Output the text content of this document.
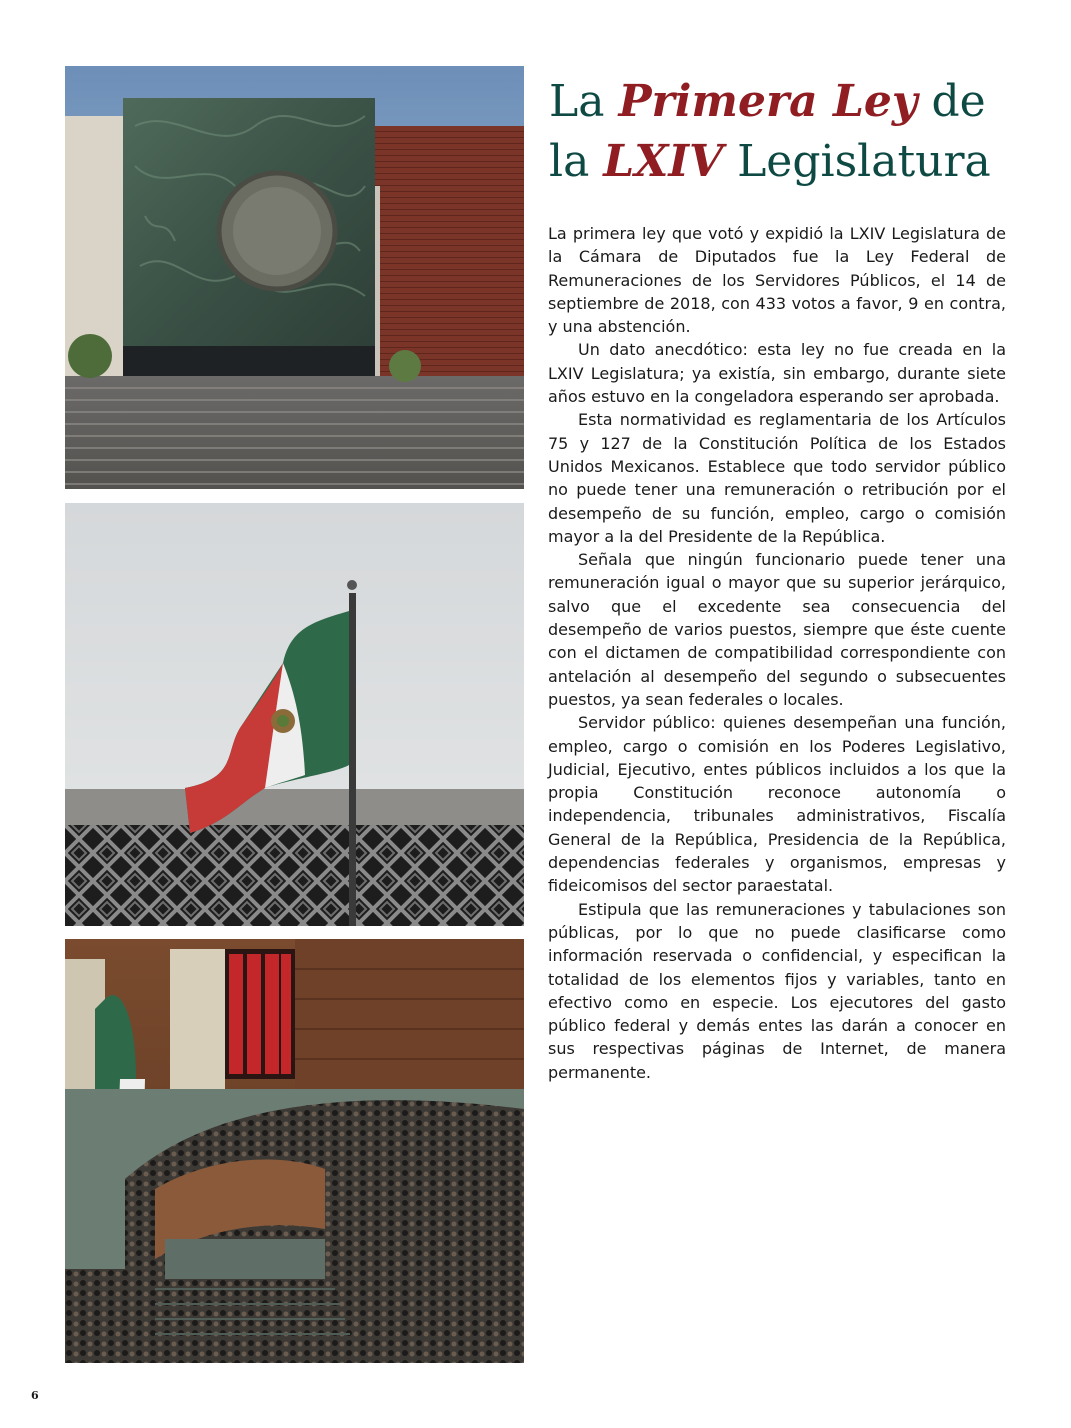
La Primera Ley de
la LXIV Legislatura

La primera ley que votó y expidió la LXIV Legislatura de la Cámara de Diputados fue la Ley Federal de Remuneraciones de los Servidores Públicos, el 14 de septiembre de 2018, con 433 votos a favor, 9 en contra, y una abstención.

Un dato anecdótico: esta ley no fue creada en la LXIV Legislatura; ya existía, sin embargo, durante siete años estuvo en la congeladora esperando ser aprobada.

Esta normatividad es reglamentaria de los Artículos 75 y 127 de la Constitución Política de los Estados Unidos Mexicanos. Establece que todo servidor público no puede tener una remuneración o retribución por el desempeño de su función, empleo, cargo o comisión mayor a la del Presidente de la República.

Señala que ningún funcionario puede tener una remuneración igual o mayor que su superior jerárquico, salvo que el excedente sea consecuencia del desempeño de varios puestos, siempre que éste cuente con el dictamen de compatibilidad correspondiente con antelación al desempeño del segundo o subsecuentes puestos, ya sean federales o locales.

Servidor público: quienes desempeñan una función, empleo, cargo o comisión en los Poderes Legislativo, Judicial, Ejecutivo, entes públicos incluidos a los que la propia Constitución reconoce autonomía o independencia, tribunales administrativos, Fiscalía General de la República, Presidencia de la República, dependencias federales y organismos, empresas y fideicomisos del sector paraestatal.

Estipula que las remuneraciones y tabulaciones son públicas, por lo que no puede clasificarse como información reservada o confidencial, y especifican la totalidad de los elementos fijos y variables, tanto en efectivo como en especie. Los ejecutores del gasto público federal y demás entes las darán a conocer en sus respectivas páginas de Internet, de manera permanente.

6
